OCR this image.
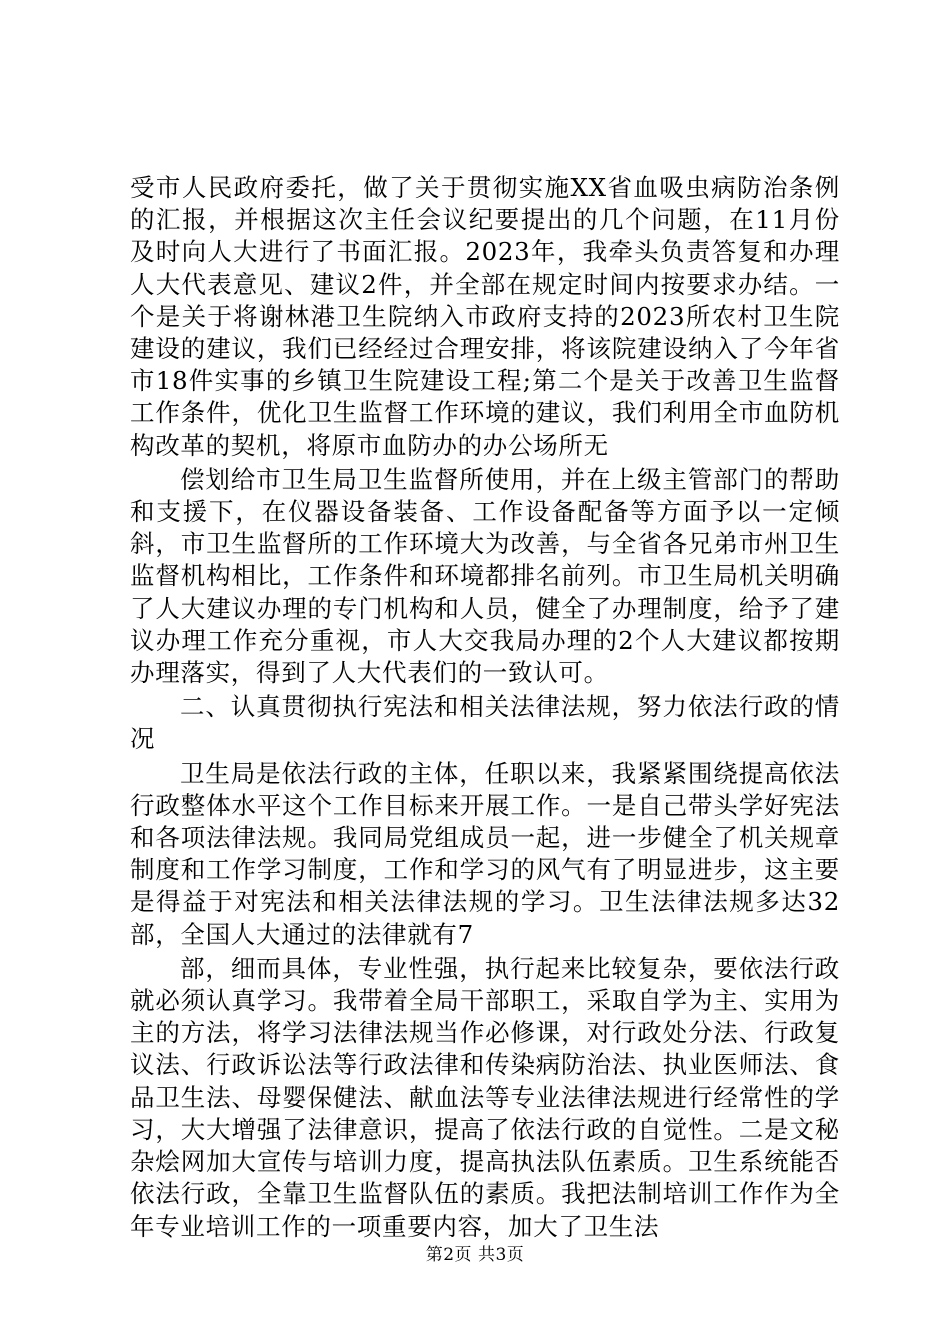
受市人民政府委托，做了关于贯彻实施XX省血吸虫病防治条例的汇报，并根据这次主任会议纪要提出的几个问题，在11月份及时向人大进行了书面汇报。2023年，我牵头负责答复和办理人大代表意见、建议2件，并全部在规定时间内按要求办结。一个是关于将谢林港卫生院纳入市政府支持的2023所农村卫生院建设的建议，我们已经经过合理安排，将该院建设纳入了今年省市18件实事的乡镇卫生院建设工程;第二个是关于改善卫生监督工作条件，优化卫生监督工作环境的建议，我们利用全市血防机构改革的契机，将原市血防办的办公场所无

偿划给市卫生局卫生监督所使用，并在上级主管部门的帮助和支援下，在仪器设备装备、工作设备配备等方面予以一定倾斜，市卫生监督所的工作环境大为改善，与全省各兄弟市州卫生监督机构相比，工作条件和环境都排名前列。市卫生局机关明确了人大建议办理的专门机构和人员，健全了办理制度，给予了建议办理工作充分重视，市人大交我局办理的2个人大建议都按期办理落实，得到了人大代表们的一致认可。

二、认真贯彻执行宪法和相关法律法规，努力依法行政的情况

卫生局是依法行政的主体，任职以来，我紧紧围绕提高依法行政整体水平这个工作目标来开展工作。一是自己带头学好宪法和各项法律法规。我同局党组成员一起，进一步健全了机关规章制度和工作学习制度，工作和学习的风气有了明显进步，这主要是得益于对宪法和相关法律法规的学习。卫生法律法规多达32部，全国人大通过的法律就有7

部，细而具体，专业性强，执行起来比较复杂，要依法行政就必须认真学习。我带着全局干部职工，采取自学为主、实用为主的方法，将学习法律法规当作必修课，对行政处分法、行政复议法、行政诉讼法等行政法律和传染病防治法、执业医师法、食品卫生法、母婴保健法、献血法等专业法律法规进行经常性的学习，大大增强了法律意识，提高了依法行政的自觉性。二是文秘杂烩网加大宣传与培训力度，提高执法队伍素质。卫生系统能否依法行政，全靠卫生监督队伍的素质。我把法制培训工作作为全年专业培训工作的一项重要内容，加大了卫生法

第2页 共3页
